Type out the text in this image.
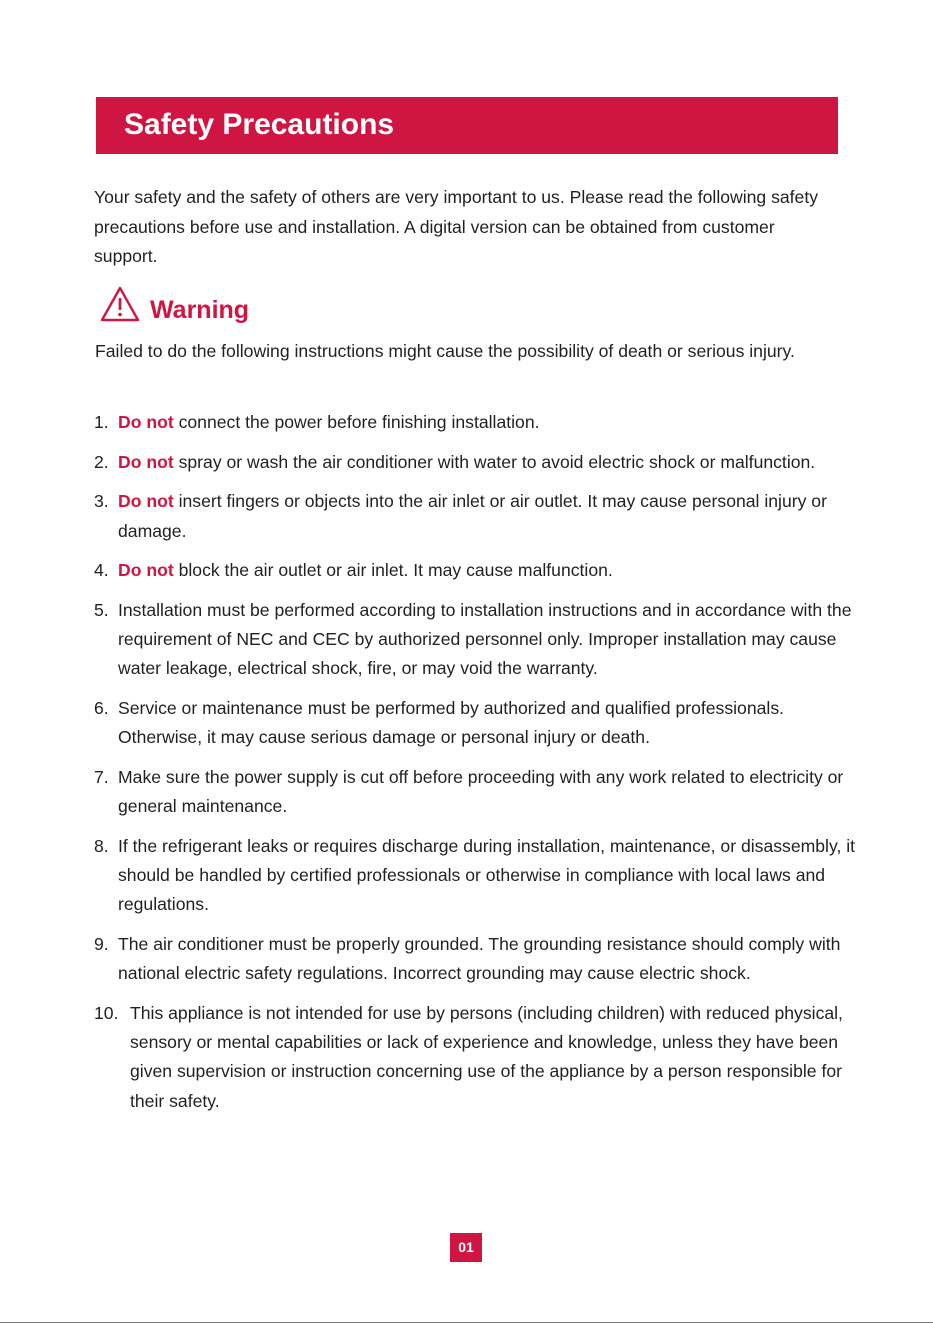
Safety Precautions

Your safety and the safety of others are very important to us. Please read the following safety precautions before use and installation. A digital version can be obtained from customer support.

Warning

Failed to do the following instructions might cause the possibility of death or serious injury.

1. Do not connect the power before finishing installation.
2. Do not spray or wash the air conditioner with water to avoid electric shock or malfunction.
3. Do not insert fingers or objects into the air inlet or air outlet. It may cause personal injury or damage.
4. Do not block the air outlet or air inlet. It may cause malfunction.
5. Installation must be performed according to installation instructions and in accordance with the requirement of NEC and CEC by authorized personnel only. Improper installation may cause water leakage, electrical shock, fire, or may void the warranty.
6. Service or maintenance must be performed by authorized and qualified professionals. Otherwise, it may cause serious damage or personal injury or death.
7. Make sure the power supply is cut off before proceeding with any work related to electricity or general maintenance.
8. If the refrigerant leaks or requires discharge during installation, maintenance, or disassembly, it should be handled by certified professionals or otherwise in compliance with local laws and regulations.
9. The air conditioner must be properly grounded. The grounding resistance should comply with national electric safety regulations. Incorrect grounding may cause electric shock.
10. This appliance is not intended for use by persons (including children) with reduced physical, sensory or mental capabilities or lack of experience and knowledge, unless they have been given supervision or instruction concerning use of the appliance by a person responsible for their safety.
01
